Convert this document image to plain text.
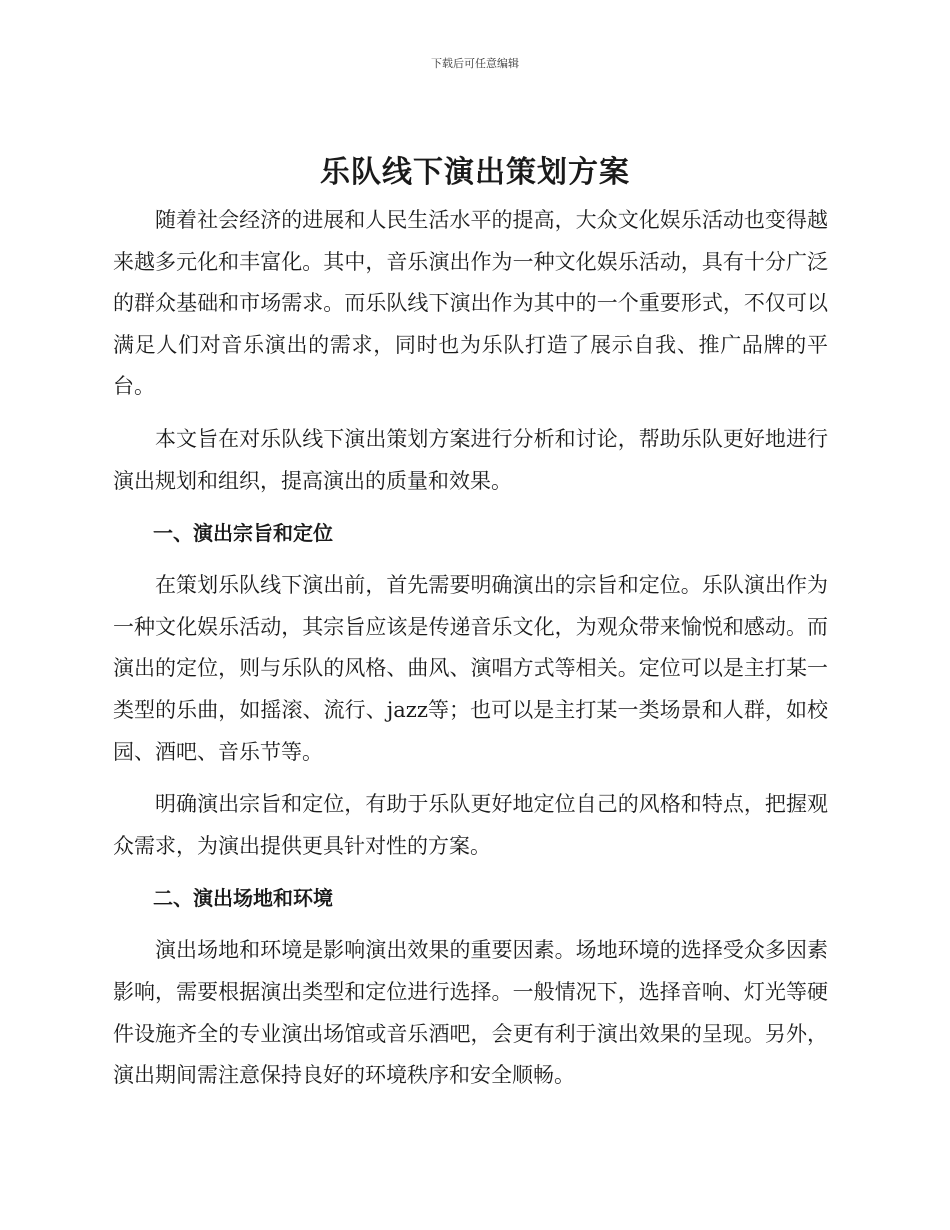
下载后可任意编辑
乐队线下演出策划方案

随着社会经济的进展和人民生活水平的提高，大众文化娱乐活动也变得越来越多元化和丰富化。其中，音乐演出作为一种文化娱乐活动，具有十分广泛的群众基础和市场需求。而乐队线下演出作为其中的一个重要形式，不仅可以满足人们对音乐演出的需求，同时也为乐队打造了展示自我、推广品牌的平台。

本文旨在对乐队线下演出策划方案进行分析和讨论，帮助乐队更好地进行演出规划和组织，提高演出的质量和效果。

一、演出宗旨和定位

在策划乐队线下演出前，首先需要明确演出的宗旨和定位。乐队演出作为一种文化娱乐活动，其宗旨应该是传递音乐文化，为观众带来愉悦和感动。而演出的定位，则与乐队的风格、曲风、演唱方式等相关。定位可以是主打某一类型的乐曲，如摇滚、流行、jazz等；也可以是主打某一类场景和人群，如校园、酒吧、音乐节等。

明确演出宗旨和定位，有助于乐队更好地定位自己的风格和特点，把握观众需求，为演出提供更具针对性的方案。

二、演出场地和环境

演出场地和环境是影响演出效果的重要因素。场地环境的选择受众多因素影响，需要根据演出类型和定位进行选择。一般情况下，选择音响、灯光等硬件设施齐全的专业演出场馆或音乐酒吧，会更有利于演出效果的呈现。另外，演出期间需注意保持良好的环境秩序和安全顺畅。
